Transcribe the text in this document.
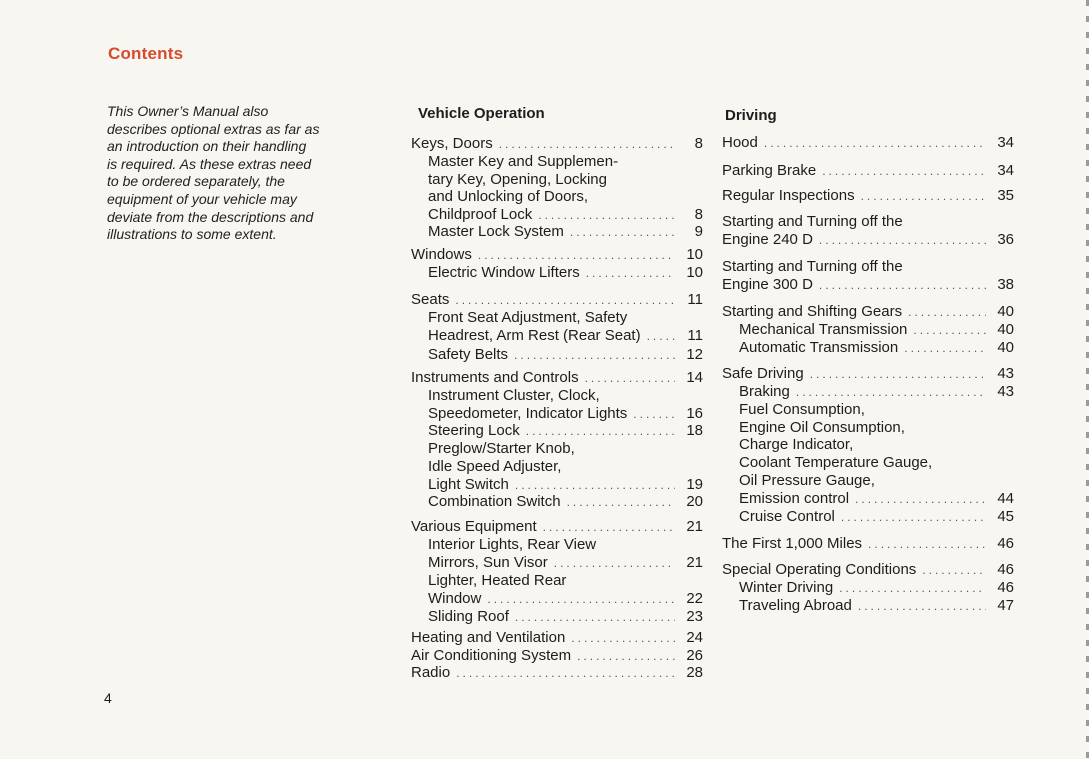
Contents
This Owner’s Manual also
describes optional extras as far as
an introduction on their handling
is required. As these extras need
to be ordered separately, the
equipment of your vehicle may
deviate from the descriptions and
illustrations to some extent.
Vehicle Operation
Keys, Doors .....	8
Master Key and Supplemen-
tary Key, Opening, Locking
and Unlocking of Doors,
Childproof Lock .....	8
Master Lock System .....	9
Windows .....	10
Electric Window Lifters .....	10
Seats .....	11
Front Seat Adjustment, Safety
Headrest, Arm Rest (Rear Seat) .....	11
Safety Belts .....	12
Instruments and Controls .....	14
Instrument Cluster, Clock,
Speedometer, Indicator Lights .....	16
Steering Lock .....	18
Preglow/Starter Knob,
Idle Speed Adjuster,
Light Switch .....	19
Combination Switch .....	20
Various Equipment .....	21
Interior Lights, Rear View
Mirrors, Sun Visor .....	21
Lighter, Heated Rear
Window .....	22
Sliding Roof .....	23
Heating and Ventilation .....	24
Air Conditioning System .....	26
Radio .....	28
Driving
Hood .....	34
Parking Brake .....	34
Regular Inspections .....	35
Starting and Turning off the
Engine 240 D .....	36
Starting and Turning off the
Engine 300 D .....	38
Starting and Shifting Gears .....	40
Mechanical Transmission .....	40
Automatic Transmission .....	40
Safe Driving .....	43
Braking .....	43
Fuel Consumption,
Engine Oil Consumption,
Charge Indicator,
Coolant Temperature Gauge,
Oil Pressure Gauge,
Emission control .....	44
Cruise Control .....	45
The First 1,000 Miles .....	46
Special Operating Conditions .....	46
Winter Driving .....	46
Traveling Abroad .....	47
4
